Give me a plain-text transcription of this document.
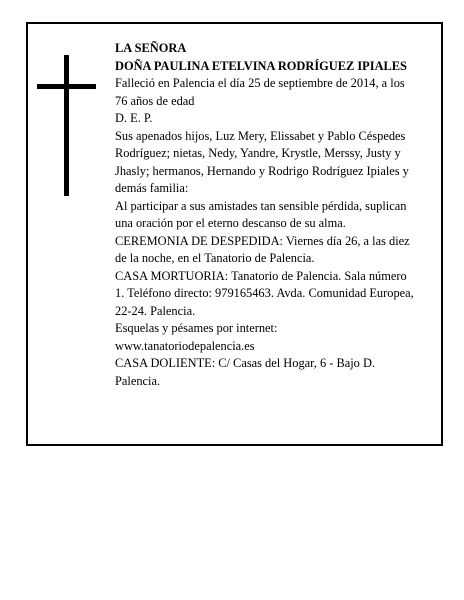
LA SEÑORA

DOÑA PAULINA ETELVINA RODRÍGUEZ IPIALES

Falleció en Palencia el día 25 de septiembre de 2014, a los 76 años de edad

D. E. P.

Sus apenados hijos, Luz Mery, Elissabet y Pablo Céspedes Rodríguez; nietas, Nedy, Yandre, Krystle, Merssy, Justy y Jhasly; hermanos, Hernando y Rodrigo Rodríguez Ipiales y demás familia:

Al participar a sus amistades tan sensible pérdida, suplican una oración por el eterno descanso de su alma.

CEREMONIA DE DESPEDIDA: Viernes día 26, a las diez de la noche, en el Tanatorio de Palencia.

CASA MORTUORIA: Tanatorio de Palencia. Sala número 1. Teléfono directo: 979165463. Avda. Comunidad Europea, 22-24. Palencia.

Esquelas y pésames por internet:

www.tanatoriodepalencia.es

CASA DOLIENTE: C/ Casas del Hogar, 6 - Bajo D. Palencia.
